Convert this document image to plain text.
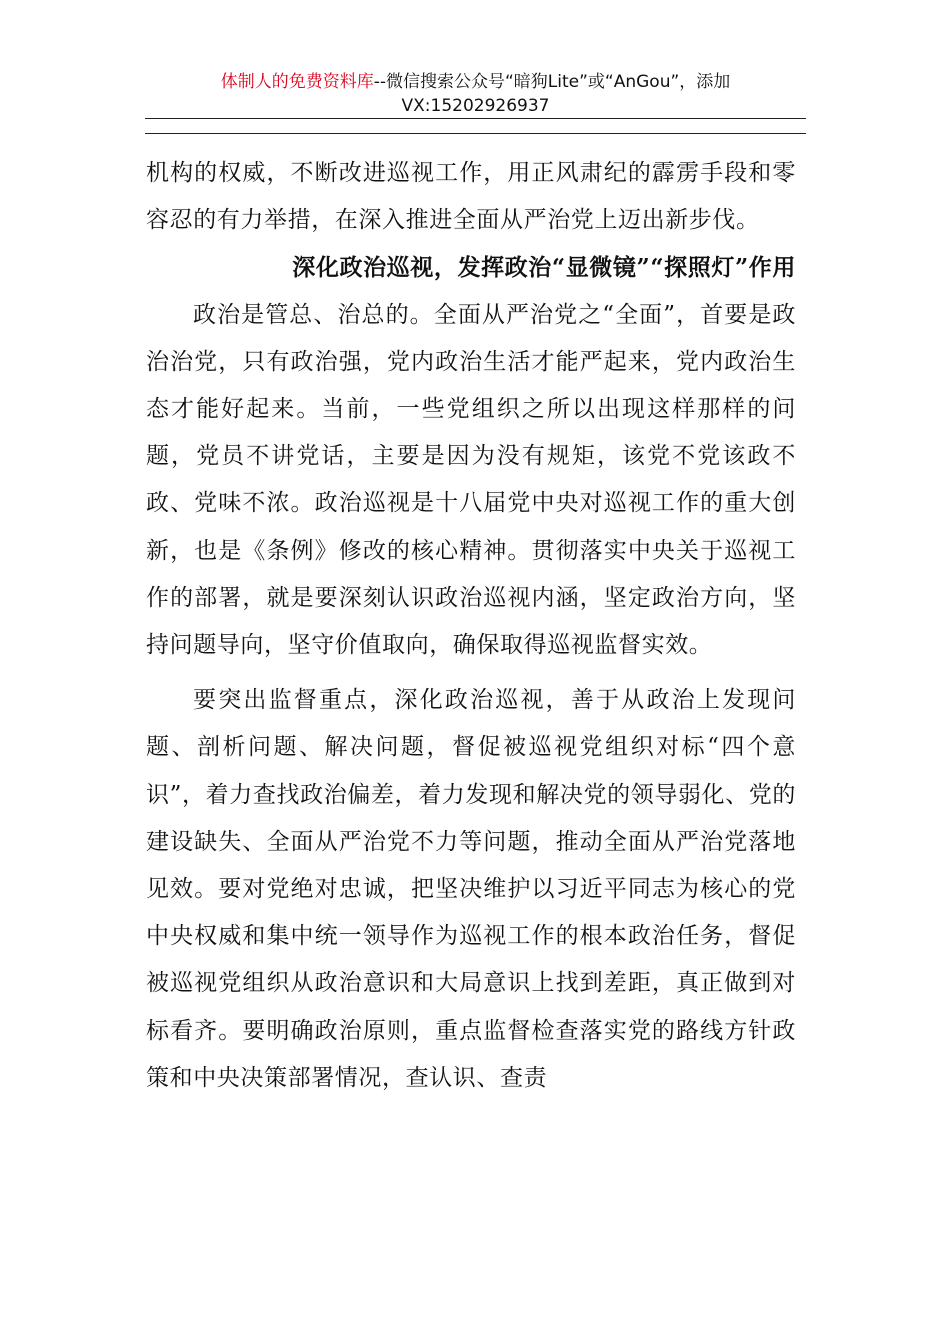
体制人的免费资料库--微信搜索公众号“暗狗Lite”或“AnGou”，添加
VX:15202926937

机构的权威，不断改进巡视工作，用正风肃纪的霹雳手段和零容忍的有力举措，在深入推进全面从严治党上迈出新步伐。

深化政治巡视，发挥政治“显微镜”“探照灯”作用

政治是管总、治总的。全面从严治党之“全面”，首要是政治治党，只有政治强，党内政治生活才能严起来，党内政治生态才能好起来。当前，一些党组织之所以出现这样那样的问题，党员不讲党话，主要是因为没有规矩，该党不党该政不政、党味不浓。政治巡视是十八届党中央对巡视工作的重大创新，也是《条例》修改的核心精神。贯彻落实中央关于巡视工作的部署，就是要深刻认识政治巡视内涵，坚定政治方向，坚持问题导向，坚守价值取向，确保取得巡视监督实效。

要突出监督重点，深化政治巡视，善于从政治上发现问题、剖析问题、解决问题，督促被巡视党组织对标“四个意识”，着力查找政治偏差，着力发现和解决党的领导弱化、党的建设缺失、全面从严治党不力等问题，推动全面从严治党落地见效。要对党绝对忠诚，把坚决维护以习近平同志为核心的党中央权威和集中统一领导作为巡视工作的根本政治任务，督促被巡视党组织从政治意识和大局意识上找到差距，真正做到对标看齐。要明确政治原则，重点监督检查落实党的路线方针政策和中央决策部署情况，查认识、查责
